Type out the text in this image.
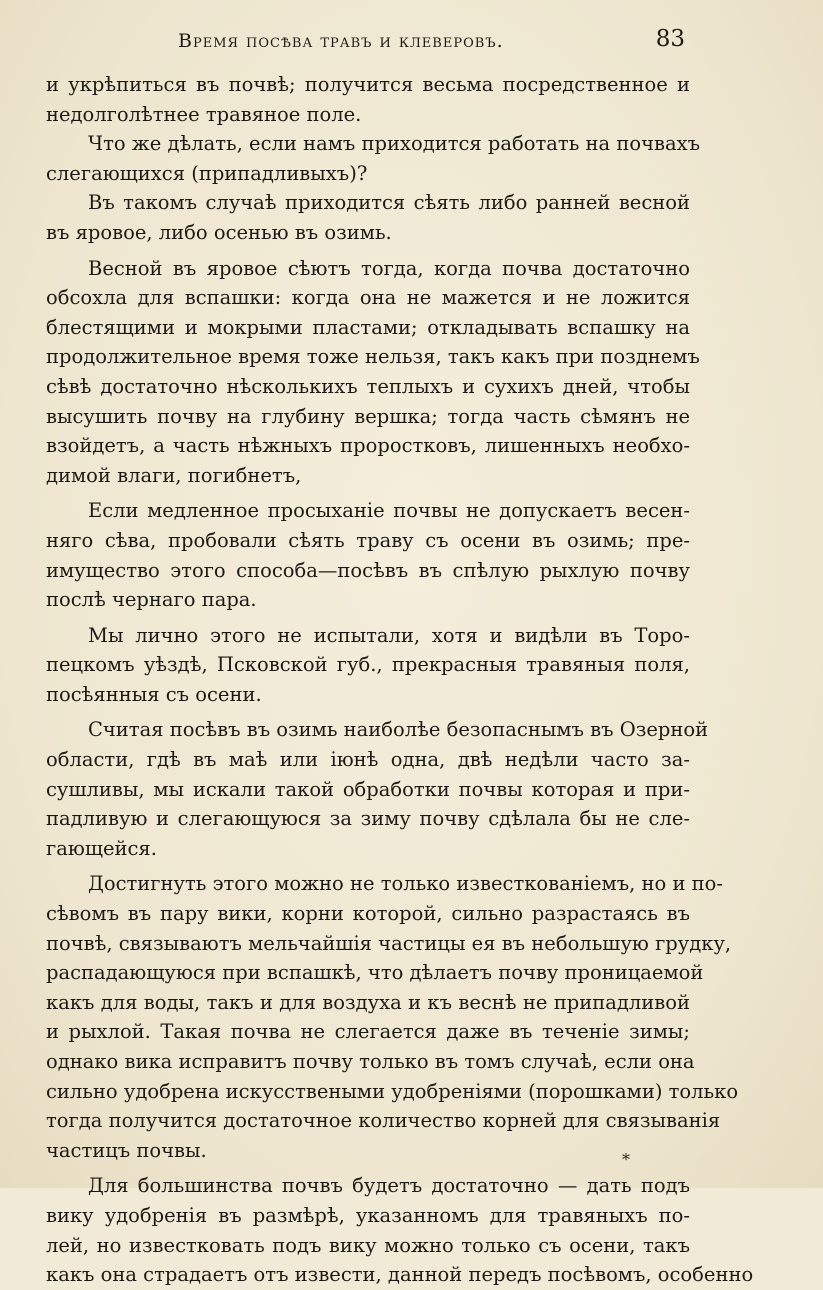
Время посѣва травъ и клеверовъ.	83
и укрѣпиться въ почвѣ; получится весьма посредственное и
недолголѣтнее травяное поле.
Что же дѣлать, если намъ приходится работать на почвахъ
слегающихся (припадливыхъ)?
Въ такомъ случаѣ приходится сѣять либо ранней весной
въ яровое, либо осенью въ озимь.
Весной въ яровое сѣютъ тогда, когда почва достаточно
обсохла для вспашки: когда она не мажется и не ложится
блестящими и мокрыми пластами; откладывать вспашку на
продолжительное время тоже нельзя, такъ какъ при позднемъ
сѣвѣ достаточно нѣсколькихъ теплыхъ и сухихъ дней, чтобы
высушить почву на глубину вершка; тогда часть сѣмянъ не
взойдетъ, а часть нѣжныхъ проростковъ, лишенныхъ необхо-
димой влаги, погибнетъ,
Если медленное просыханіе почвы не допускаетъ весен-
няго сѣва, пробовали сѣять траву съ осени въ озимь; пре-
имущество этого способа—посѣвъ въ спѣлую рыхлую почву
послѣ чернаго пара.
Мы лично этого не испытали, хотя и видѣли въ Торо-
пецкомъ уѣздѣ, Псковской губ., прекрасныя травяныя поля,
посѣянныя съ осени.
Считая посѣвъ въ озимь наиболѣе безопаснымъ въ Озерной
области, гдѣ въ маѣ или іюнѣ одна, двѣ недѣли часто за-
сушливы, мы искали такой обработки почвы которая и при-
падливую и слегающуюся за зиму почву сдѣлала бы не сле-
гающейся.
Достигнуть этого можно не только известкованіемъ, но и по-
сѣвомъ въ пару вики, корни которой, сильно разрастаясь въ
почвѣ, связываютъ мельчайшія частицы ея въ небольшую грудку,
распадающуюся при вспашкѣ, что дѣлаетъ почву проницаемой
какъ для воды, такъ и для воздуха и къ веснѣ не припадливой
и рыхлой. Такая почва не слегается даже въ теченіе зимы;
однако вика исправитъ почву только въ томъ случаѣ, если она
сильно удобрена искусствеными удобреніями (порошками) только
тогда получится достаточное количество корней для связыванія
частицъ почвы.
Для большинства почвъ будетъ достаточно — дать подъ
вику удобренія въ размѣрѣ, указанномъ для травяныхъ по-
лей, но известковать подъ вику можно только съ осени, такъ
какъ она страдаетъ отъ извести, данной передъ посѣвомъ, особенно
*
